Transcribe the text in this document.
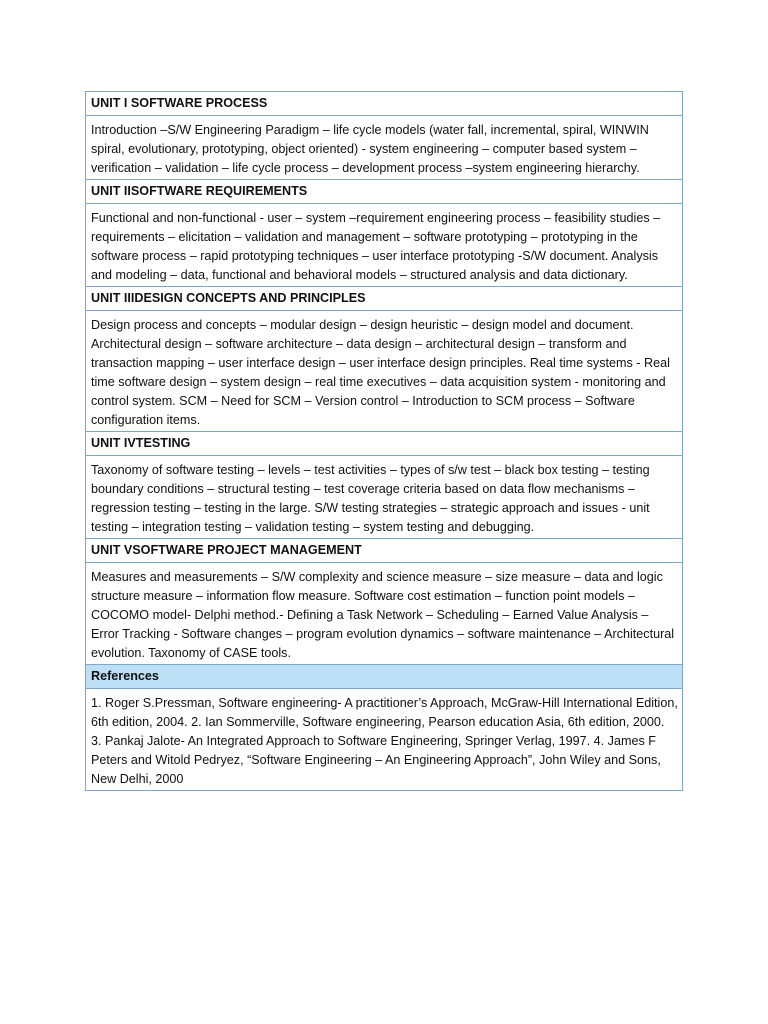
UNIT I SOFTWARE PROCESS
Introduction –S/W Engineering Paradigm – life cycle models (water fall, incremental, spiral, WINWIN spiral, evolutionary, prototyping, object oriented) - system engineering – computer based system – verification – validation – life cycle process – development process –system engineering hierarchy.
UNIT IISOFTWARE REQUIREMENTS
Functional and non-functional - user – system –requirement engineering process – feasibility studies – requirements – elicitation – validation and management – software prototyping – prototyping in the software process – rapid prototyping techniques – user interface prototyping -S/W document. Analysis and modeling – data, functional and behavioral models – structured analysis and data dictionary.
UNIT IIIDESIGN CONCEPTS AND PRINCIPLES
Design process and concepts – modular design – design heuristic – design model and document. Architectural design – software architecture – data design – architectural design – transform and transaction mapping – user interface design – user interface design principles. Real time systems - Real time software design – system design – real time executives – data acquisition system - monitoring and control system. SCM – Need for SCM – Version control – Introduction to SCM process – Software configuration items.
UNIT IVTESTING
Taxonomy of software testing – levels – test activities – types of s/w test – black box testing – testing boundary conditions – structural testing – test coverage criteria based on data flow mechanisms – regression testing – testing in the large. S/W testing strategies – strategic approach and issues - unit testing – integration testing – validation testing – system testing and debugging.
UNIT VSOFTWARE PROJECT MANAGEMENT
Measures and measurements – S/W complexity and science measure – size measure – data and logic structure measure – information flow measure. Software cost estimation – function point models – COCOMO model- Delphi method.- Defining a Task Network – Scheduling – Earned Value Analysis – Error Tracking - Software changes – program evolution dynamics – software maintenance – Architectural evolution. Taxonomy of CASE tools.
References
1. Roger S.Pressman, Software engineering- A practitioner’s Approach, McGraw-Hill International Edition, 6th edition, 2004. 2. Ian Sommerville, Software engineering, Pearson education Asia, 6th edition, 2000. 3. Pankaj Jalote- An Integrated Approach to Software Engineering, Springer Verlag, 1997. 4. James F Peters and Witold Pedryez, “Software Engineering – An Engineering Approach”, John Wiley and Sons, New Delhi, 2000
